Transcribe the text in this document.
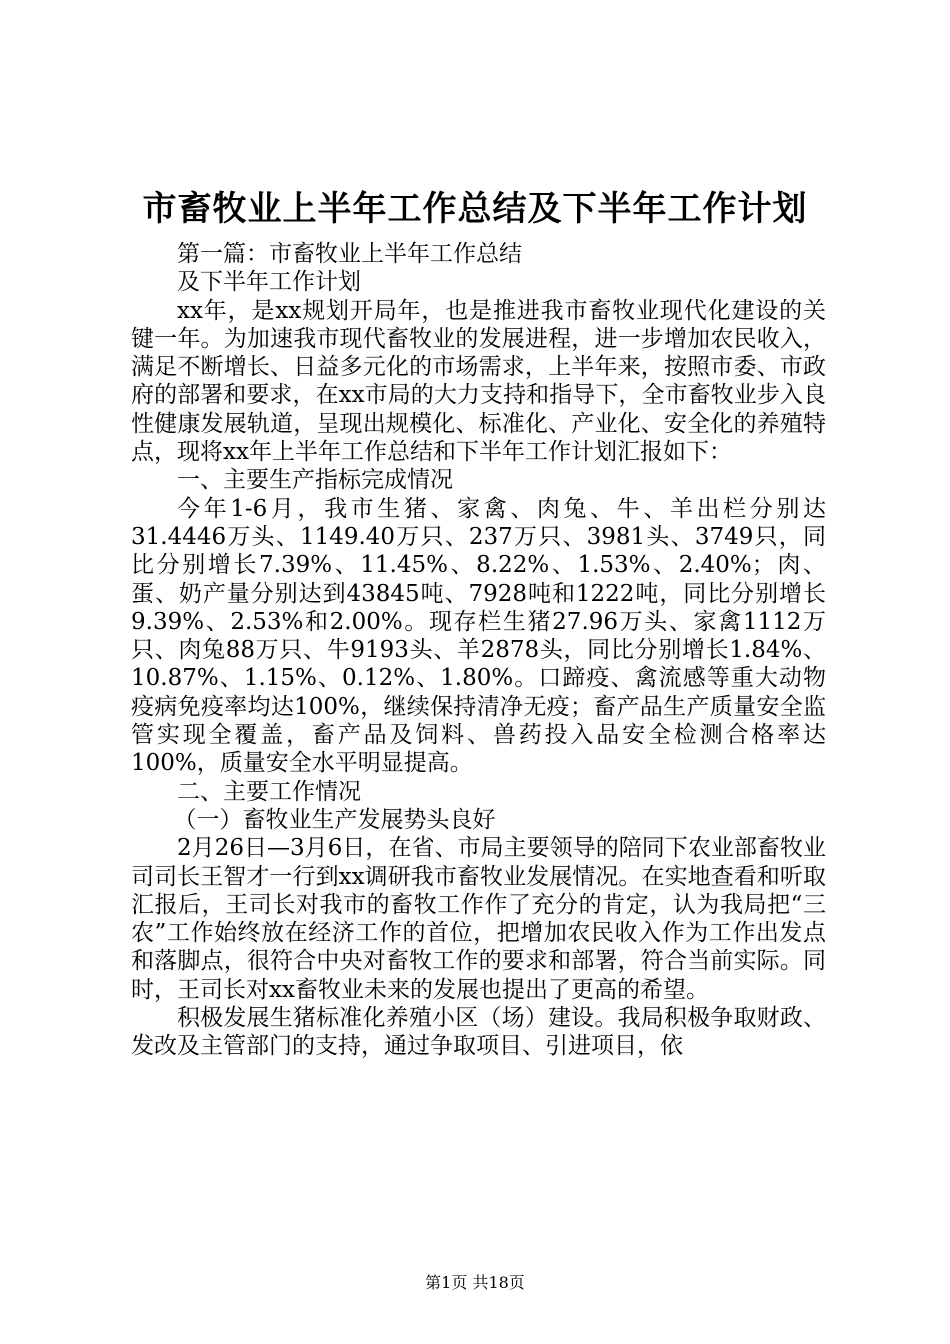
市畜牧业上半年工作总结及下半年工作计划

第一篇：市畜牧业上半年工作总结

及下半年工作计划

xx年，是xx规划开局年，也是推进我市畜牧业现代化建设的关键一年。为加速我市现代畜牧业的发展进程，进一步增加农民收入，满足不断增长、日益多元化的市场需求，上半年来，按照市委、市政府的部署和要求，在xx市局的大力支持和指导下，全市畜牧业步入良性健康发展轨道，呈现出规模化、标准化、产业化、安全化的养殖特点，现将xx年上半年工作总结和下半年工作计划汇报如下：

一、主要生产指标完成情况

今年1-6月，我市生猪、家禽、肉兔、牛、羊出栏分别达31.4446万头、1149.40万只、237万只、3981头、3749只，同比分别增长7.39%、11.45%、8.22%、1.53%、2.40%；肉、蛋、奶产量分别达到43845吨、7928吨和1222吨，同比分别增长9.39%、2.53%和2.00%。现存栏生猪27.96万头、家禽1112万只、肉兔88万只、牛9193头、羊2878头，同比分别增长1.84%、10.87%、1.15%、0.12%、1.80%。口蹄疫、禽流感等重大动物疫病免疫率均达100%，继续保持清净无疫；畜产品生产质量安全监管实现全覆盖，畜产品及饲料、兽药投入品安全检测合格率达100%，质量安全水平明显提高。

二、主要工作情况

（一）畜牧业生产发展势头良好

2月26日—3月6日，在省、市局主要领导的陪同下农业部畜牧业司司长王智才一行到xx调研我市畜牧业发展情况。在实地查看和听取汇报后，王司长对我市的畜牧工作作了充分的肯定，认为我局把“三农”工作始终放在经济工作的首位，把增加农民收入作为工作出发点和落脚点，很符合中央对畜牧工作的要求和部署，符合当前实际。同时，王司长对xx畜牧业未来的发展也提出了更高的希望。

积极发展生猪标准化养殖小区（场）建设。我局积极争取财政、发改及主管部门的支持，通过争取项目、引进项目，依

第1页 共18页
